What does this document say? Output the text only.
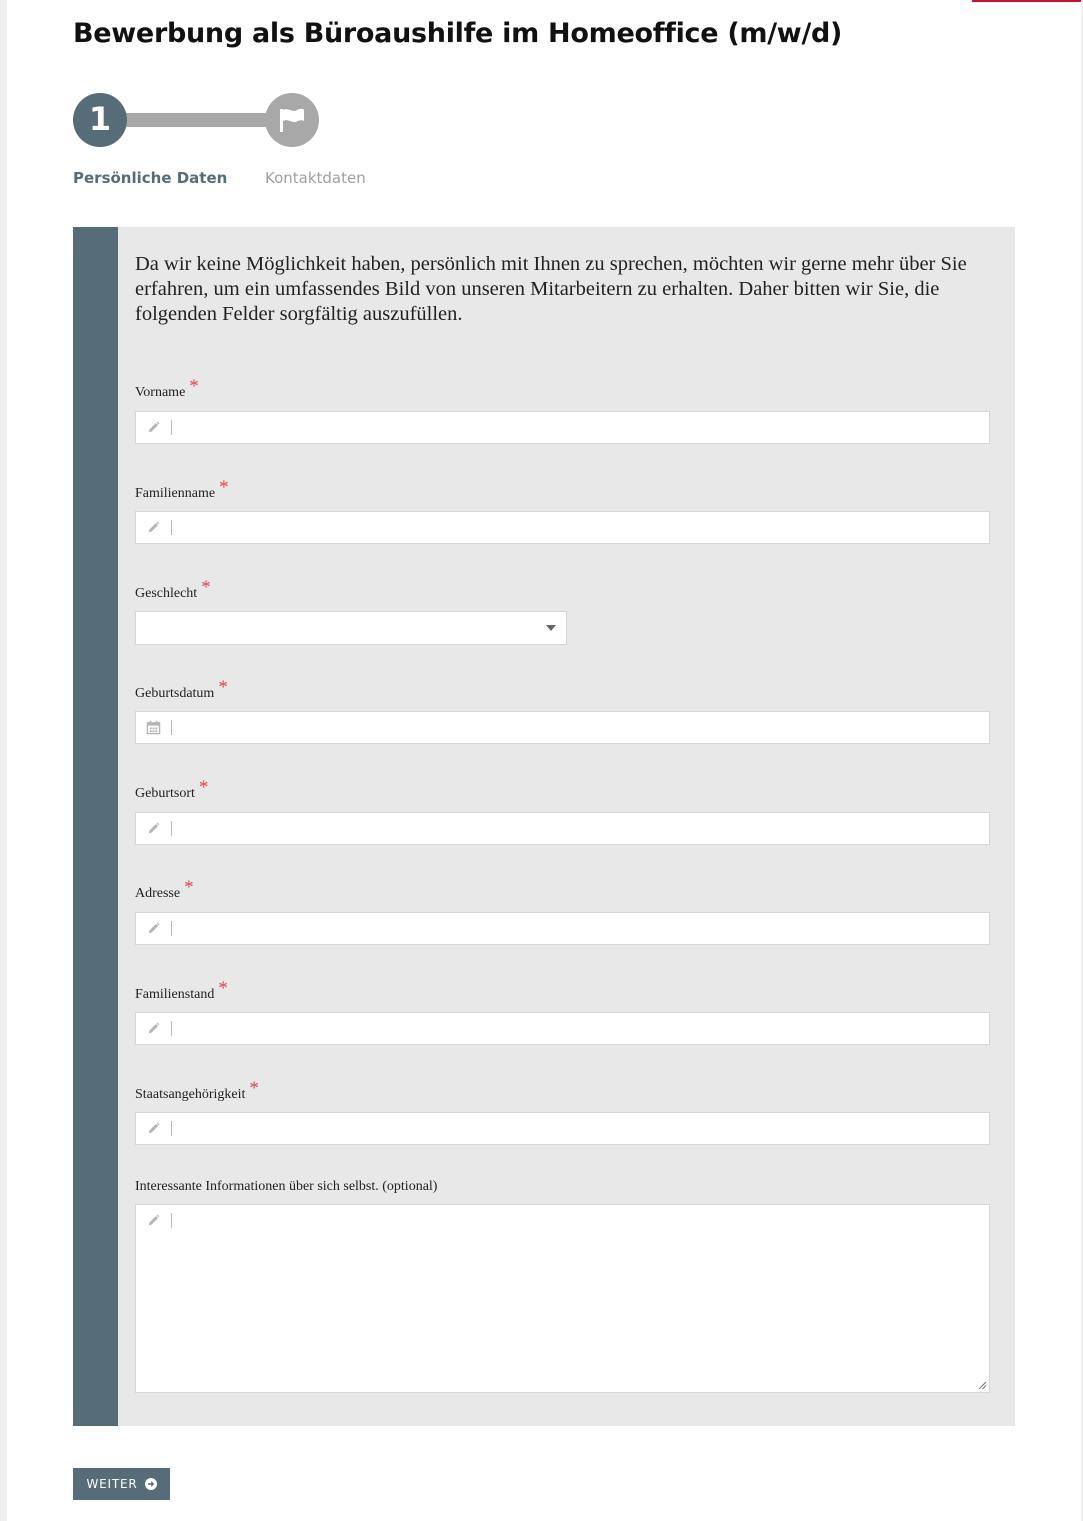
Bewerbung als Büroaushilfe im Homeoffice (m/w/d)
1
Persönliche Daten	Kontaktdaten

Da wir keine Möglichkeit haben, persönlich mit Ihnen zu sprechen, möchten wir gerne mehr über Sie erfahren, um ein umfassendes Bild von unseren Mitarbeitern zu erhalten. Daher bitten wir Sie, die folgenden Felder sorgfältig auszufüllen.

Vorname *
Familienname *
Geschlecht *
Geburtsdatum *
Geburtsort *
Adresse *
Familienstand *
Staatsangehörigkeit *
Interessante Informationen über sich selbst. (optional)
WEITER
